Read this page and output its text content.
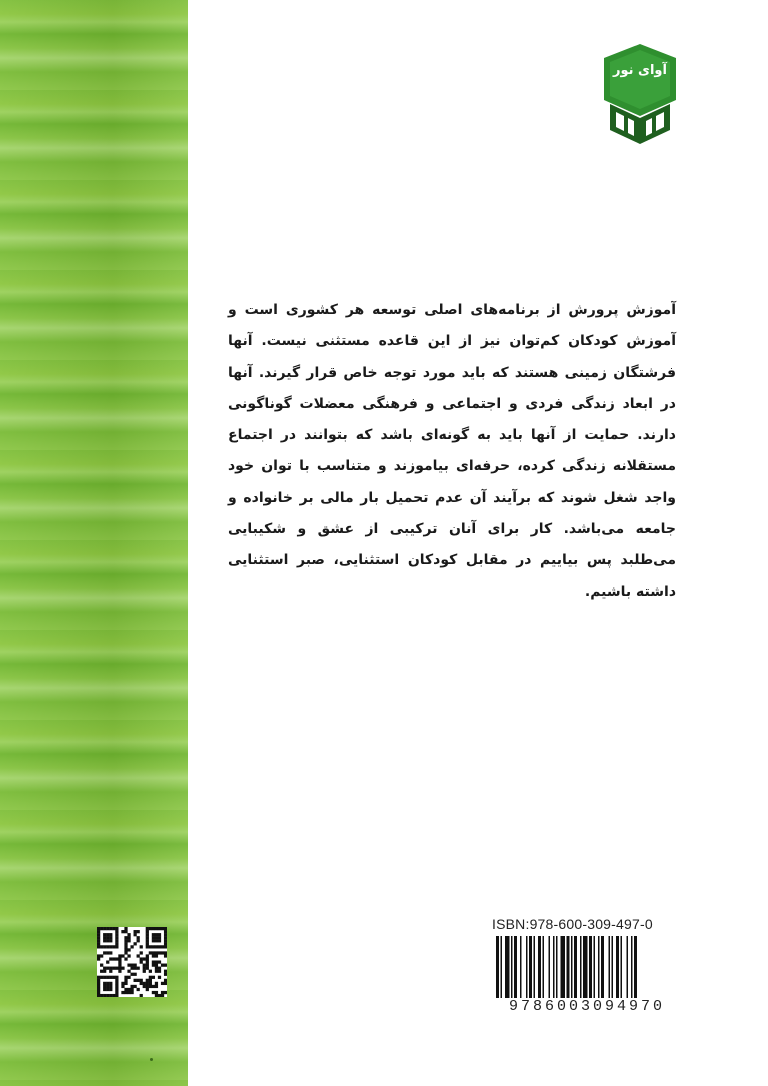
آوای نور
آموزش پرورش از برنامه‌های اصلی توسعه هر کشوری است و آموزش کودکان کم‌توان نیز از این قاعده مستثنی نیست. آنها فرشتگان زمینی هستند که باید مورد توجه خاص قرار گیرند. آنها در ابعاد زندگی فردی و اجتماعی و فرهنگی معضلات گوناگونی دارند. حمایت از آنها باید به گونه‌ای باشد که بتوانند در اجتماع مستقلانه زندگی کرده، حرفه‌ای بیاموزند و متناسب با توان خود واجد شغل شوند که برآیند آن عدم تحمیل بار مالی بر خانواده و جامعه می‌باشد. کار برای آنان ترکیبی از عشق و شکیبایی می‌طلبد پس بیاییم در مقابل کودکان استثنایی، صبر استثنایی داشته باشیم.
ISBN:978-600-309-497-0
9786003094970
